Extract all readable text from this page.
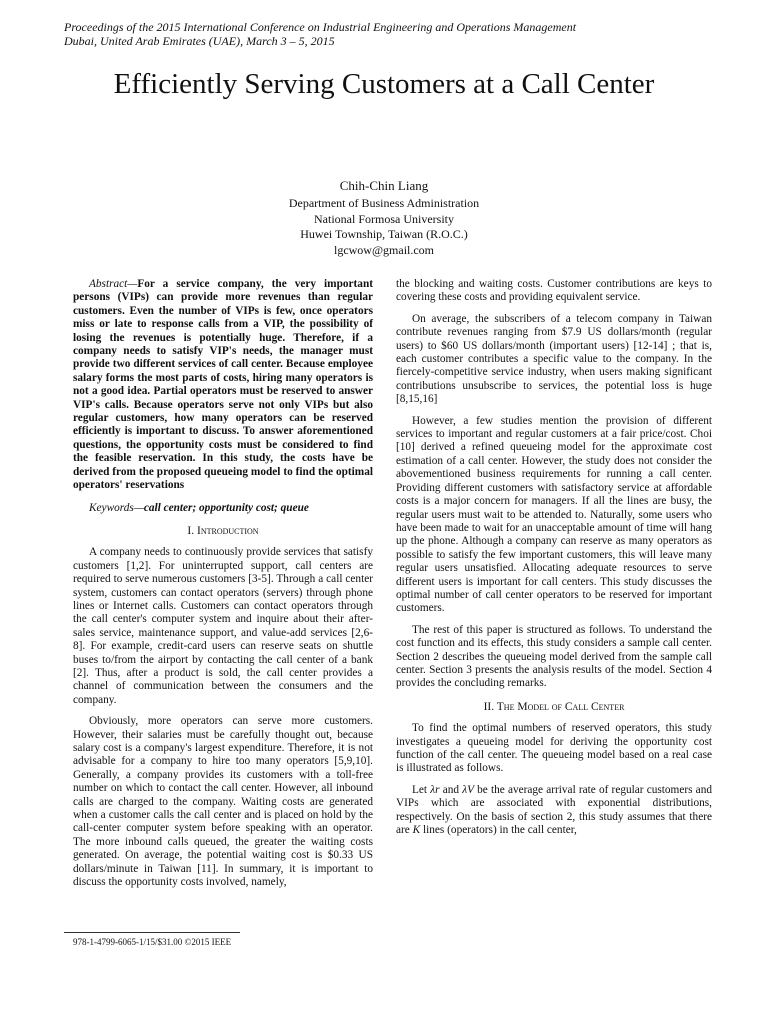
Proceedings of the 2015 International Conference on Industrial Engineering and Operations Management
Dubai, United Arab Emirates (UAE), March 3 – 5, 2015
Efficiently Serving Customers at a Call Center
Chih-Chin Liang
Department of Business Administration
National Formosa University
Huwei Township, Taiwan (R.O.C.)
lgcwow@gmail.com

Abstract—For a service company, the very important persons (VIPs) can provide more revenues than regular customers. Even the number of VIPs is few, once operators miss or late to response calls from a VIP, the possibility of losing the revenues is potentially huge. Therefore, if a company needs to satisfy VIP's needs, the manager must provide two different services of call center. Because employee salary forms the most parts of costs, hiring many operators is not a good idea. Partial operators must be reserved to answer VIP's calls. Because operators serve not only VIPs but also regular customers, how many operators can be reserved efficiently is important to discuss. To answer aforementioned questions, the opportunity costs must be considered to find the feasible reservation. In this study, the costs have be derived from the proposed queueing model to find the optimal operators' reservations

Keywords—call center; opportunity cost; queue

I. Introduction

A company needs to continuously provide services that satisfy customers [1,2]. For uninterrupted support, call centers are required to serve numerous customers [3-5]. Through a call center system, customers can contact operators (servers) through phone lines or Internet calls. Customers can contact operators through the call center's computer system and inquire about their after-sales service, maintenance support, and value-add services [2,6-8]. For example, credit-card users can reserve seats on shuttle buses to/from the airport by contacting the call center of a bank [2]. Thus, after a product is sold, the call center provides a channel of communication between the consumers and the company.

Obviously, more operators can serve more customers. However, their salaries must be carefully thought out, because salary cost is a company's largest expenditure. Therefore, it is not advisable for a company to hire too many operators [5,9,10]. Generally, a company provides its customers with a toll-free number on which to contact the call center. However, all inbound calls are charged to the company. Waiting costs are generated when a customer calls the call center and is placed on hold by the call-center computer system before speaking with an operator. The more inbound calls queued, the greater the waiting costs generated. On average, the potential waiting cost is $0.33 US dollars/minute in Taiwan [11]. In summary, it is important to discuss the opportunity costs involved, namely,

the blocking and waiting costs. Customer contributions are keys to covering these costs and providing equivalent service.

On average, the subscribers of a telecom company in Taiwan contribute revenues ranging from $7.9 US dollars/month (regular users) to $60 US dollars/month (important users) [12-14] ; that is, each customer contributes a specific value to the company. In the fiercely-competitive service industry, when users making significant contributions unsubscribe to services, the potential loss is huge [8,15,16]

However, a few studies mention the provision of different services to important and regular customers at a fair price/cost. Choi [10] derived a refined queueing model for the approximate cost estimation of a call center. However, the study does not consider the abovementioned business requirements for running a call center. Providing different customers with satisfactory service at affordable costs is a major concern for managers. If all the lines are busy, the regular users must wait to be attended to. Naturally, some users who have been made to wait for an unacceptable amount of time will hang up the phone. Although a company can reserve as many operators as possible to satisfy the few important customers, this will leave many regular users unsatisfied. Allocating adequate resources to serve different users is important for call centers. This study discusses the optimal number of call center operators to be reserved for important customers.

The rest of this paper is structured as follows. To understand the cost function and its effects, this study considers a sample call center. Section 2 describes the queueing model derived from the sample call center. Section 3 presents the analysis results of the model. Section 4 provides the concluding remarks.

II. The Model of Call Center

To find the optimal numbers of reserved operators, this study investigates a queueing model for deriving the opportunity cost function of the call center. The queueing model based on a real case is illustrated as follows.

Let λr and λV be the average arrival rate of regular customers and VIPs which are associated with exponential distributions, respectively. On the basis of section 2, this study assumes that there are K lines (operators) in the call center,

978-1-4799-6065-1/15/$31.00 ©2015 IEEE
